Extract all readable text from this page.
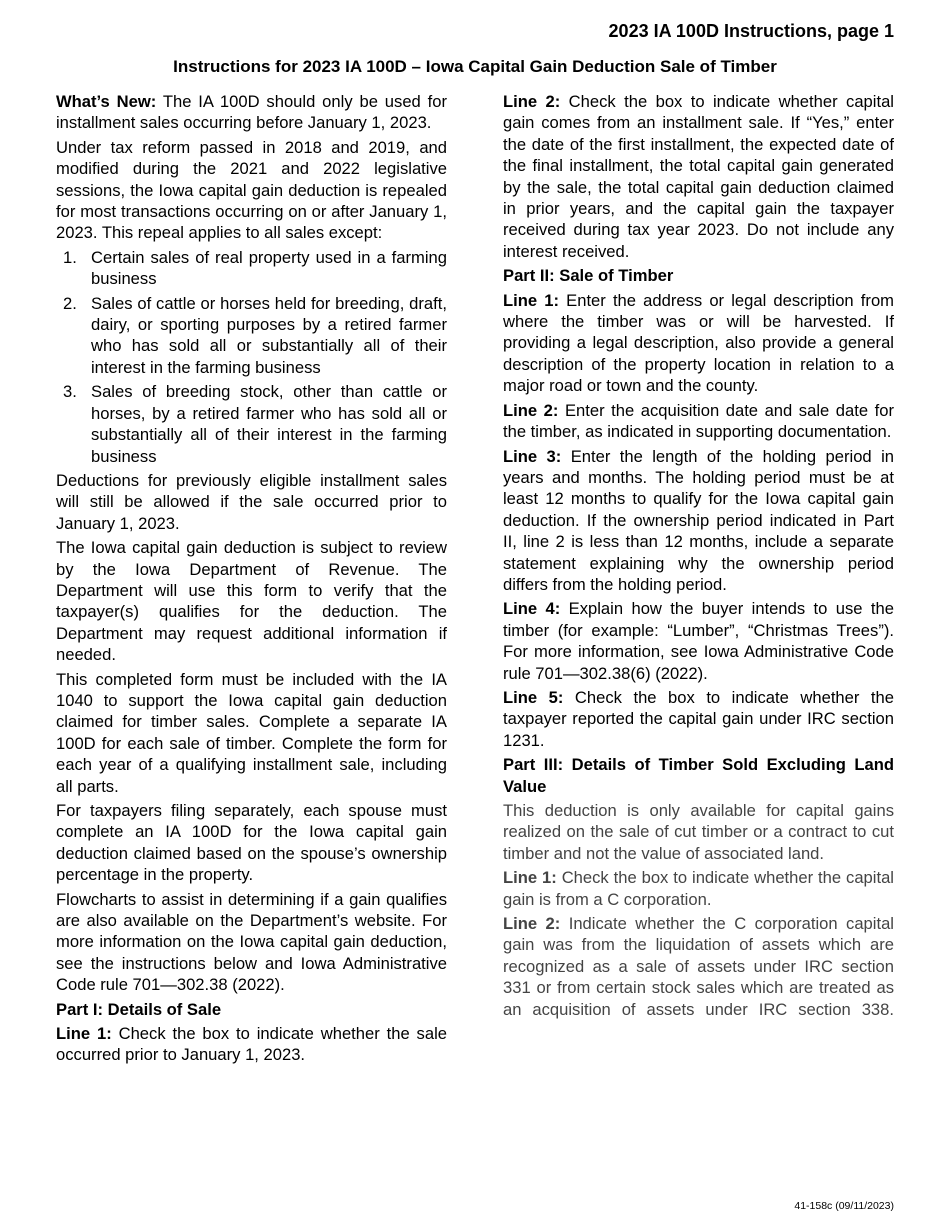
2023 IA 100D Instructions, page 1
Instructions for 2023 IA 100D – Iowa Capital Gain Deduction Sale of Timber

What’s New: The IA 100D should only be used for installment sales occurring before January 1, 2023.

Under tax reform passed in 2018 and 2019, and modified during the 2021 and 2022 legislative sessions, the Iowa capital gain deduction is repealed for most transactions occurring on or after January 1, 2023. This repeal applies to all sales except:

1. Certain sales of real property used in a farming business
2. Sales of cattle or horses held for breeding, draft, dairy, or sporting purposes by a retired farmer who has sold all or substantially all of their interest in the farming business
3. Sales of breeding stock, other than cattle or horses, by a retired farmer who has sold all or substantially all of their interest in the farming business

Deductions for previously eligible installment sales will still be allowed if the sale occurred prior to January 1, 2023.

The Iowa capital gain deduction is subject to review by the Iowa Department of Revenue. The Department will use this form to verify that the taxpayer(s) qualifies for the deduction. The Department may request additional information if needed.

This completed form must be included with the IA 1040 to support the Iowa capital gain deduction claimed for timber sales. Complete a separate IA 100D for each sale of timber. Complete the form for each year of a qualifying installment sale, including all parts.

For taxpayers filing separately, each spouse must complete an IA 100D for the Iowa capital gain deduction claimed based on the spouse’s ownership percentage in the property.

Flowcharts to assist in determining if a gain qualifies are also available on the Department’s website. For more information on the Iowa capital gain deduction, see the instructions below and Iowa Administrative Code rule 701—302.38 (2022).

Part I: Details of Sale

Line 1: Check the box to indicate whether the sale occurred prior to January 1, 2023.

Line 2: Check the box to indicate whether capital gain comes from an installment sale. If “Yes,” enter the date of the first installment, the expected date of the final installment, the total capital gain generated by the sale, the total capital gain deduction claimed in prior years, and the capital gain the taxpayer received during tax year 2023. Do not include any interest received.

Part II: Sale of Timber

Line 1: Enter the address or legal description from where the timber was or will be harvested. If providing a legal description, also provide a general description of the property location in relation to a major road or town and the county.

Line 2: Enter the acquisition date and sale date for the timber, as indicated in supporting documentation.

Line 3: Enter the length of the holding period in years and months. The holding period must be at least 12 months to qualify for the Iowa capital gain deduction. If the ownership period indicated in Part II, line 2 is less than 12 months, include a separate statement explaining why the ownership period differs from the holding period.

Line 4: Explain how the buyer intends to use the timber (for example: “Lumber”, “Christmas Trees”). For more information, see Iowa Administrative Code rule 701—302.38(6) (2022).

Line 5: Check the box to indicate whether the taxpayer reported the capital gain under IRC section 1231.

Part III: Details of Timber Sold Excluding Land Value

This deduction is only available for capital gains realized on the sale of cut timber or a contract to cut timber and not the value of associated land.

Line 1: Check the box to indicate whether the capital gain is from a C corporation.

Line 2: Indicate whether the C corporation capital gain was from the liquidation of assets which are recognized as a sale of assets under IRC section 331 or from certain stock sales which are treated as an acquisition of assets under IRC section 338.

41-158c (09/11/2023)
